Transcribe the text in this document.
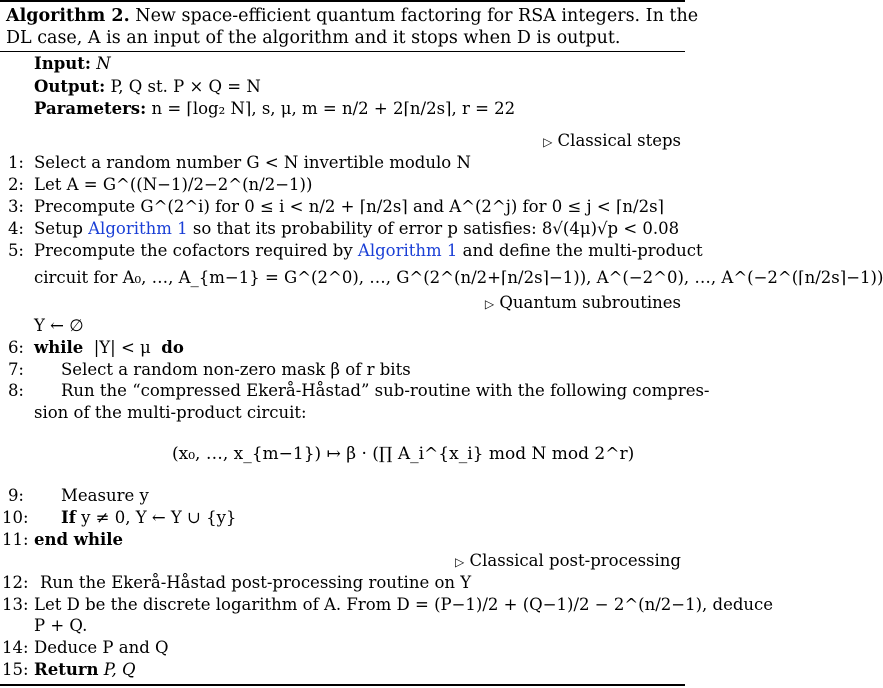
Algorithm 2. New space-efficient quantum factoring for RSA integers. In the
DL case, A is an input of the algorithm and it stops when D is output.
Input: N
Output: P, Q st. P × Q = N
Parameters: n = ⌈log₂ N⌉, s, μ, m = n/2 + 2⌈n/2s⌉, r = 22
▷ Classical steps
1: Select a random number G < N invertible modulo N
2: Let A = G^((N−1)/2−2^(n/2−1))
3: Precompute G^(2^i) for 0 ≤ i < n/2 + ⌈n/2s⌉ and A^(2^j) for 0 ≤ j < ⌈n/2s⌉
4: Setup Algorithm 1 so that its probability of error p satisfies: 8√(4μ)√p < 0.08
5: Precompute the cofactors required by Algorithm 1 and define the multi-product
circuit for A₀, …, A_{m−1} = G^(2^0), …, G^(2^(n/2+⌈n/2s⌉−1)), A^(−2^0), …, A^(−2^(⌈n/2s⌉−1))
▷ Quantum subroutines
Y ← ∅
6: while |Y| < μ do
7: Select a random non-zero mask β of r bits
8: Run the “compressed Ekerå-Håstad” sub-routine with the following compres-
sion of the multi-product circuit:
(x₀, …, x_{m−1}) ↦ β · (∏ A_i^{x_i} mod N mod 2^r)
9: Measure y
10: If y ≠ 0, Y ← Y ∪ {y}
11: end while
▷ Classical post-processing
12: Run the Ekerå-Håstad post-processing routine on Y
13: Let D be the discrete logarithm of A. From D = (P−1)/2 + (Q−1)/2 − 2^(n/2−1), deduce
P + Q.
14: Deduce P and Q
15: Return P, Q
